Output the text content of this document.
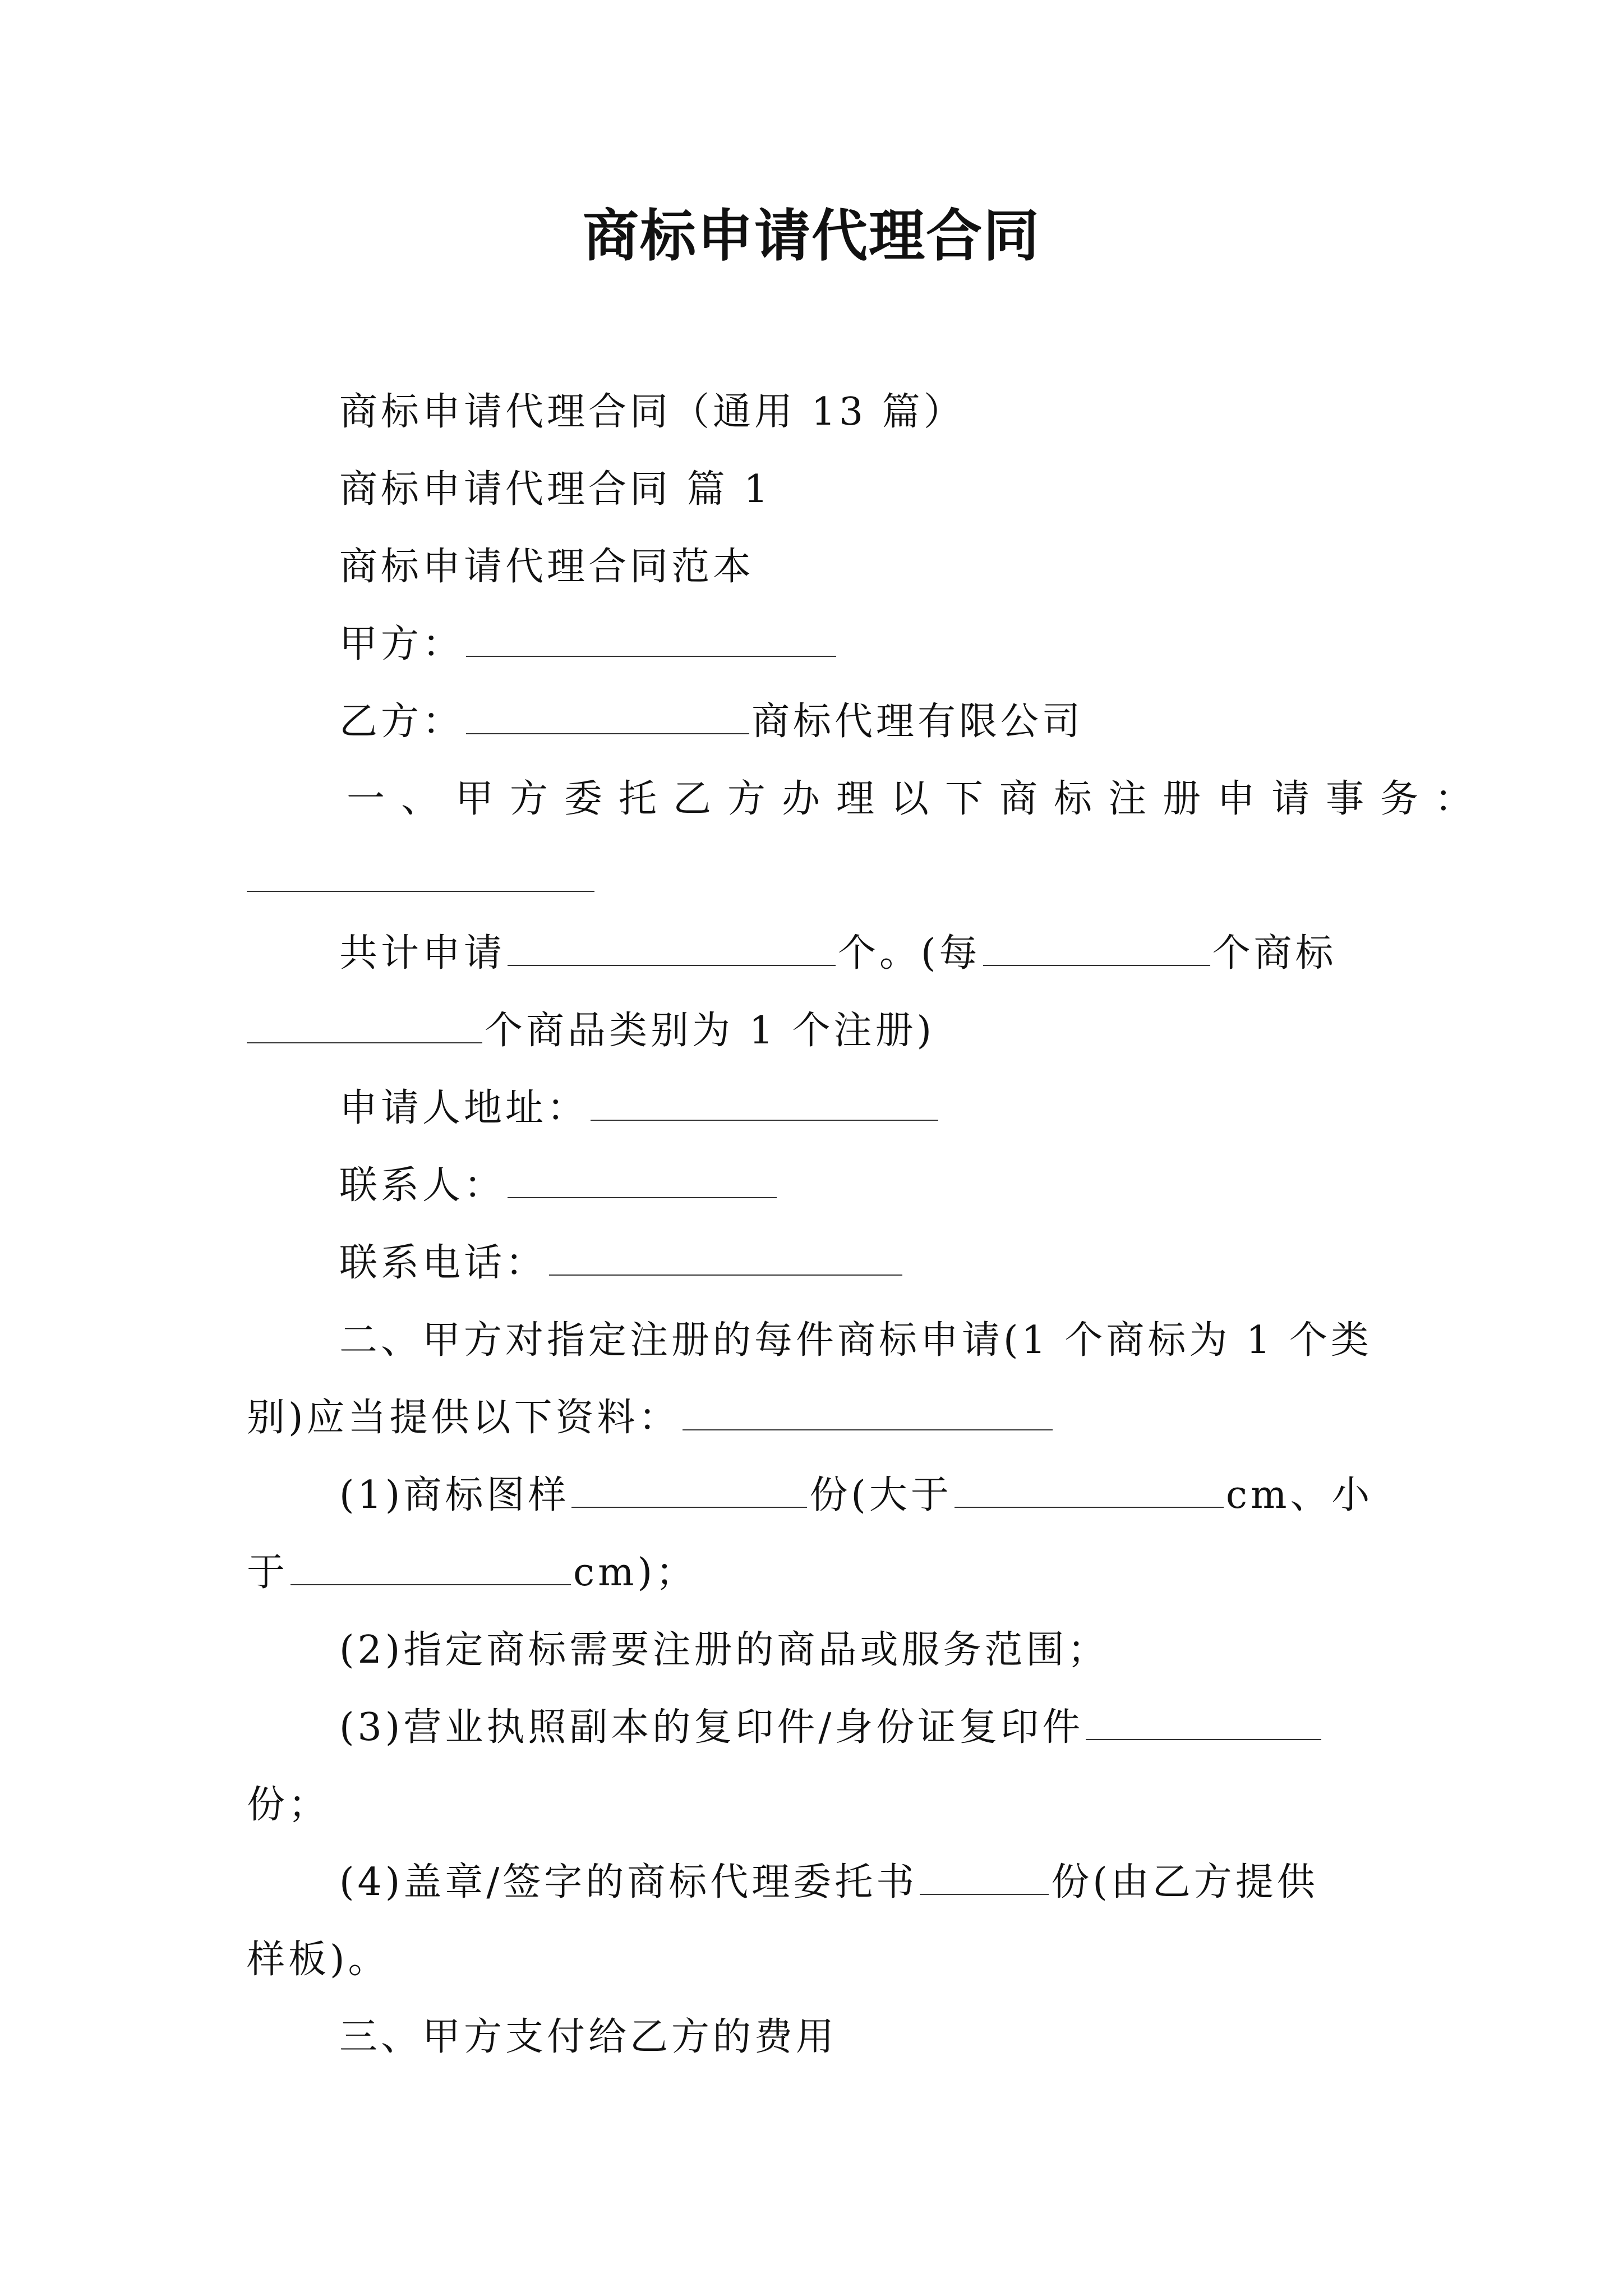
商标申请代理合同
商标申请代理合同（通用 13 篇）
商标申请代理合同 篇 1
商标申请代理合同范本
甲方：
乙方：	商标代理有限公司
一、甲方委托乙方办理以下商标注册申请事务：
共计申请	个。(每	个商标
个商品类别为 1 个注册)
申请人地址：
联系人：
联系电话：
二、甲方对指定注册的每件商标申请(1 个商标为 1 个类
别)应当提供以下资料：
(1)商标图样	份(大于	cm、小
于	cm)；
(2)指定商标需要注册的商品或服务范围；
(3)营业执照副本的复印件/身份证复印件
份；
(4)盖章/签字的商标代理委托书	份(由乙方提供
样板)。
三、甲方支付给乙方的费用
